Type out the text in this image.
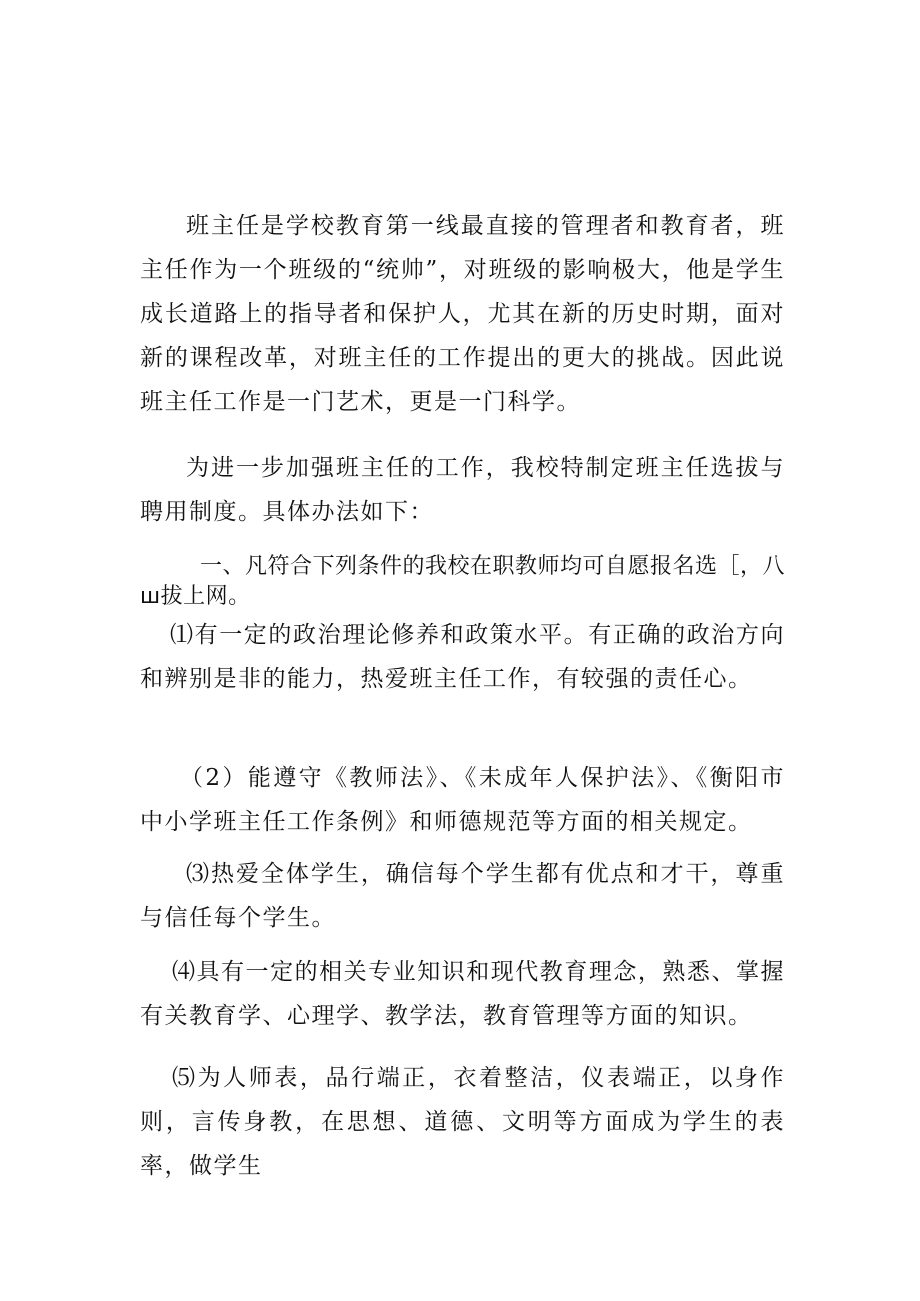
班主任是学校教育第一线最直接的管理者和教育者，班主任作为一个班级的“统帅”，对班级的影响极大，他是学生成长道路上的指导者和保护人，尤其在新的历史时期，面对新的课程改革，对班主任的工作提出的更大的挑战。因此说班主任工作是一门艺术，更是一门科学。

为进一步加强班主任的工作，我校特制定班主任选拔与聘用制度。具体办法如下：

一、凡符合下列条件的我校在职教师均可自愿报名选［，八ш拔上网。

⑴有一定的政治理论修养和政策水平。有正确的政治方向和辨别是非的能力，热爱班主任工作，有较强的责任心。

（2）能遵守《教师法》、《未成年人保护法》、《衡阳市中小学班主任工作条例》和师德规范等方面的相关规定。

⑶热爱全体学生，确信每个学生都有优点和才干，尊重与信任每个学生。

⑷具有一定的相关专业知识和现代教育理念，熟悉、掌握有关教育学、心理学、教学法，教育管理等方面的知识。

⑸为人师表，品行端正，衣着整洁，仪表端正，以身作则，言传身教，在思想、道德、文明等方面成为学生的表率，做学生
